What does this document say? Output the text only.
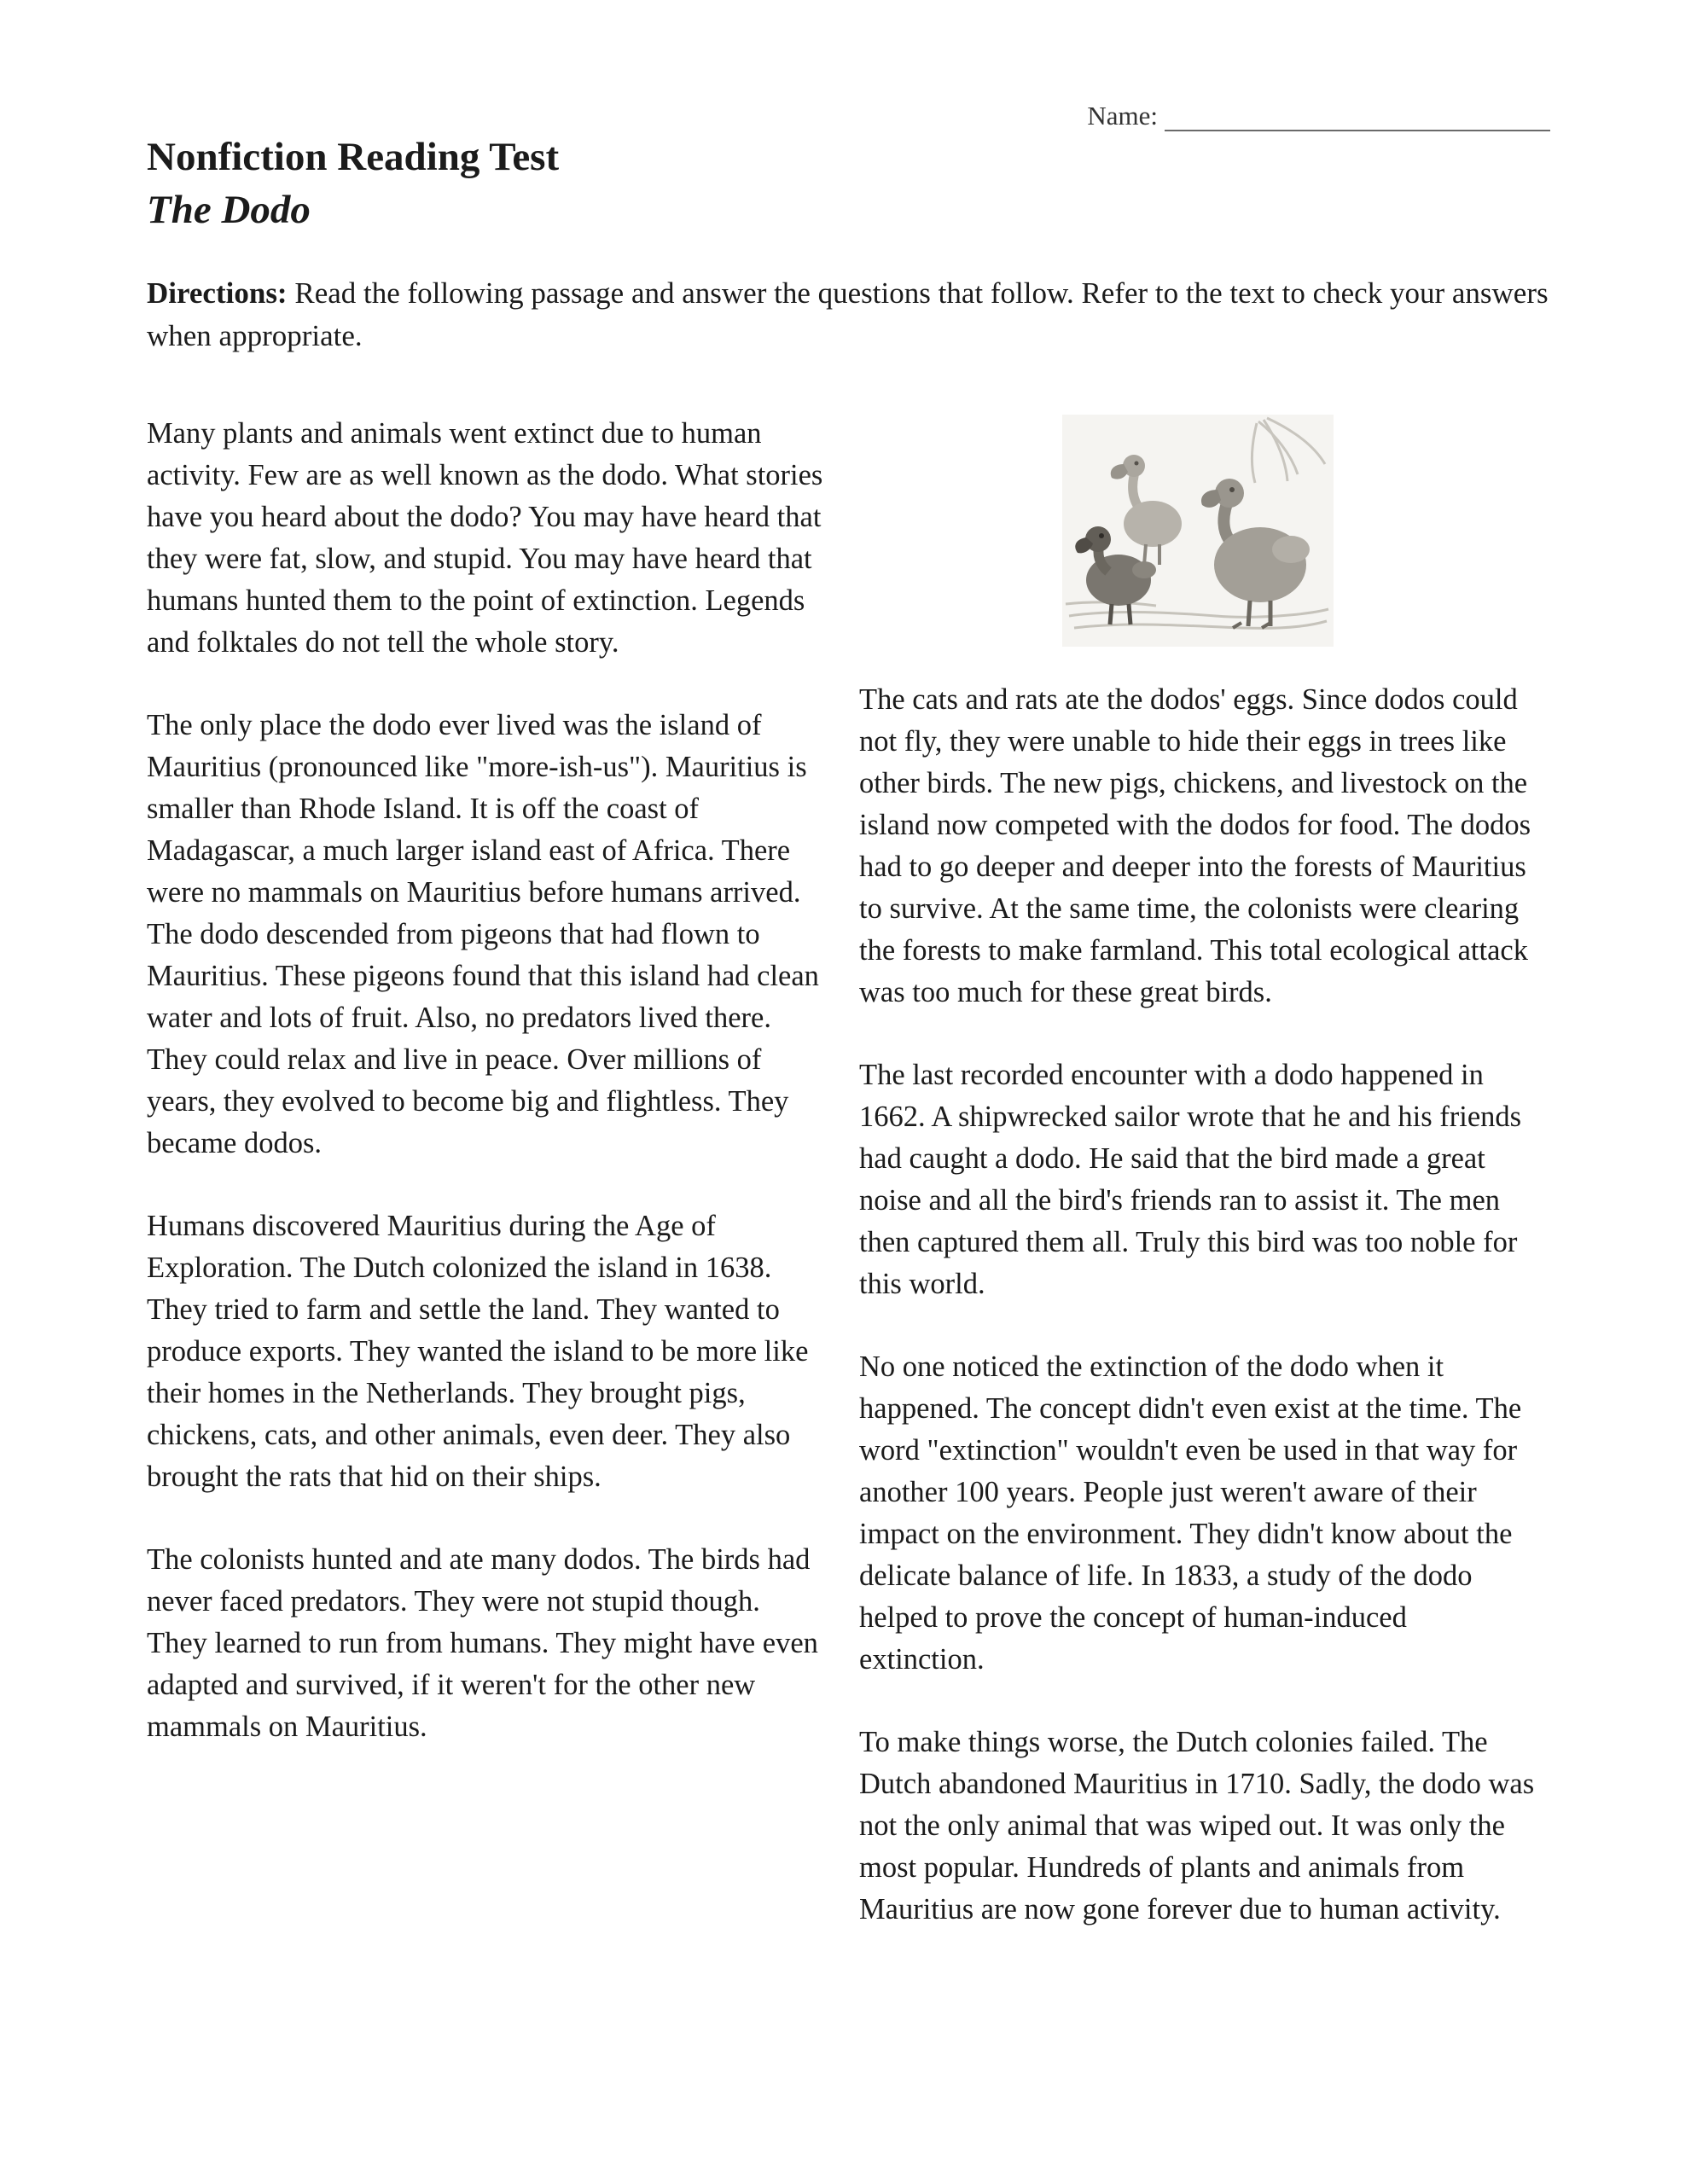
Name:
Nonfiction Reading Test
The Dodo
Directions: Read the following passage and answer the questions that follow. Refer to the text to check your answers when appropriate.

Many plants and animals went extinct due to human activity. Few are as well known as the dodo. What stories have you heard about the dodo? You may have heard that they were fat, slow, and stupid. You may have heard that humans hunted them to the point of extinction. Legends and folktales do not tell the whole story.

The only place the dodo ever lived was the island of Mauritius (pronounced like "more-ish-us"). Mauritius is smaller than Rhode Island. It is off the coast of Madagascar, a much larger island east of Africa. There were no mammals on Mauritius before humans arrived. The dodo descended from pigeons that had flown to Mauritius. These pigeons found that this island had clean water and lots of fruit. Also, no predators lived there. They could relax and live in peace. Over millions of years, they evolved to become big and flightless. They became dodos.

Humans discovered Mauritius during the Age of Exploration. The Dutch colonized the island in 1638. They tried to farm and settle the land. They wanted to produce exports. They wanted the island to be more like their homes in the Netherlands. They brought pigs, chickens, cats, and other animals, even deer. They also brought the rats that hid on their ships.

The colonists hunted and ate many dodos. The birds had never faced predators. They were not stupid though. They learned to run from humans. They might have even adapted and survived, if it weren't for the other new mammals on Mauritius.

The cats and rats ate the dodos' eggs. Since dodos could not fly, they were unable to hide their eggs in trees like other birds. The new pigs, chickens, and livestock on the island now competed with the dodos for food. The dodos had to go deeper and deeper into the forests of Mauritius to survive. At the same time, the colonists were clearing the forests to make farmland. This total ecological attack was too much for these great birds.

The last recorded encounter with a dodo happened in 1662. A shipwrecked sailor wrote that he and his friends had caught a dodo. He said that the bird made a great noise and all the bird's friends ran to assist it. The men then captured them all. Truly this bird was too noble for this world.

No one noticed the extinction of the dodo when it happened. The concept didn't even exist at the time. The word "extinction" wouldn't even be used in that way for another 100 years. People just weren't aware of their impact on the environment. They didn't know about the delicate balance of life. In 1833, a study of the dodo helped to prove the concept of human-induced extinction.

To make things worse, the Dutch colonies failed. The Dutch abandoned Mauritius in 1710. Sadly, the dodo was not the only animal that was wiped out. It was only the most popular. Hundreds of plants and animals from Mauritius are now gone forever due to human activity.
